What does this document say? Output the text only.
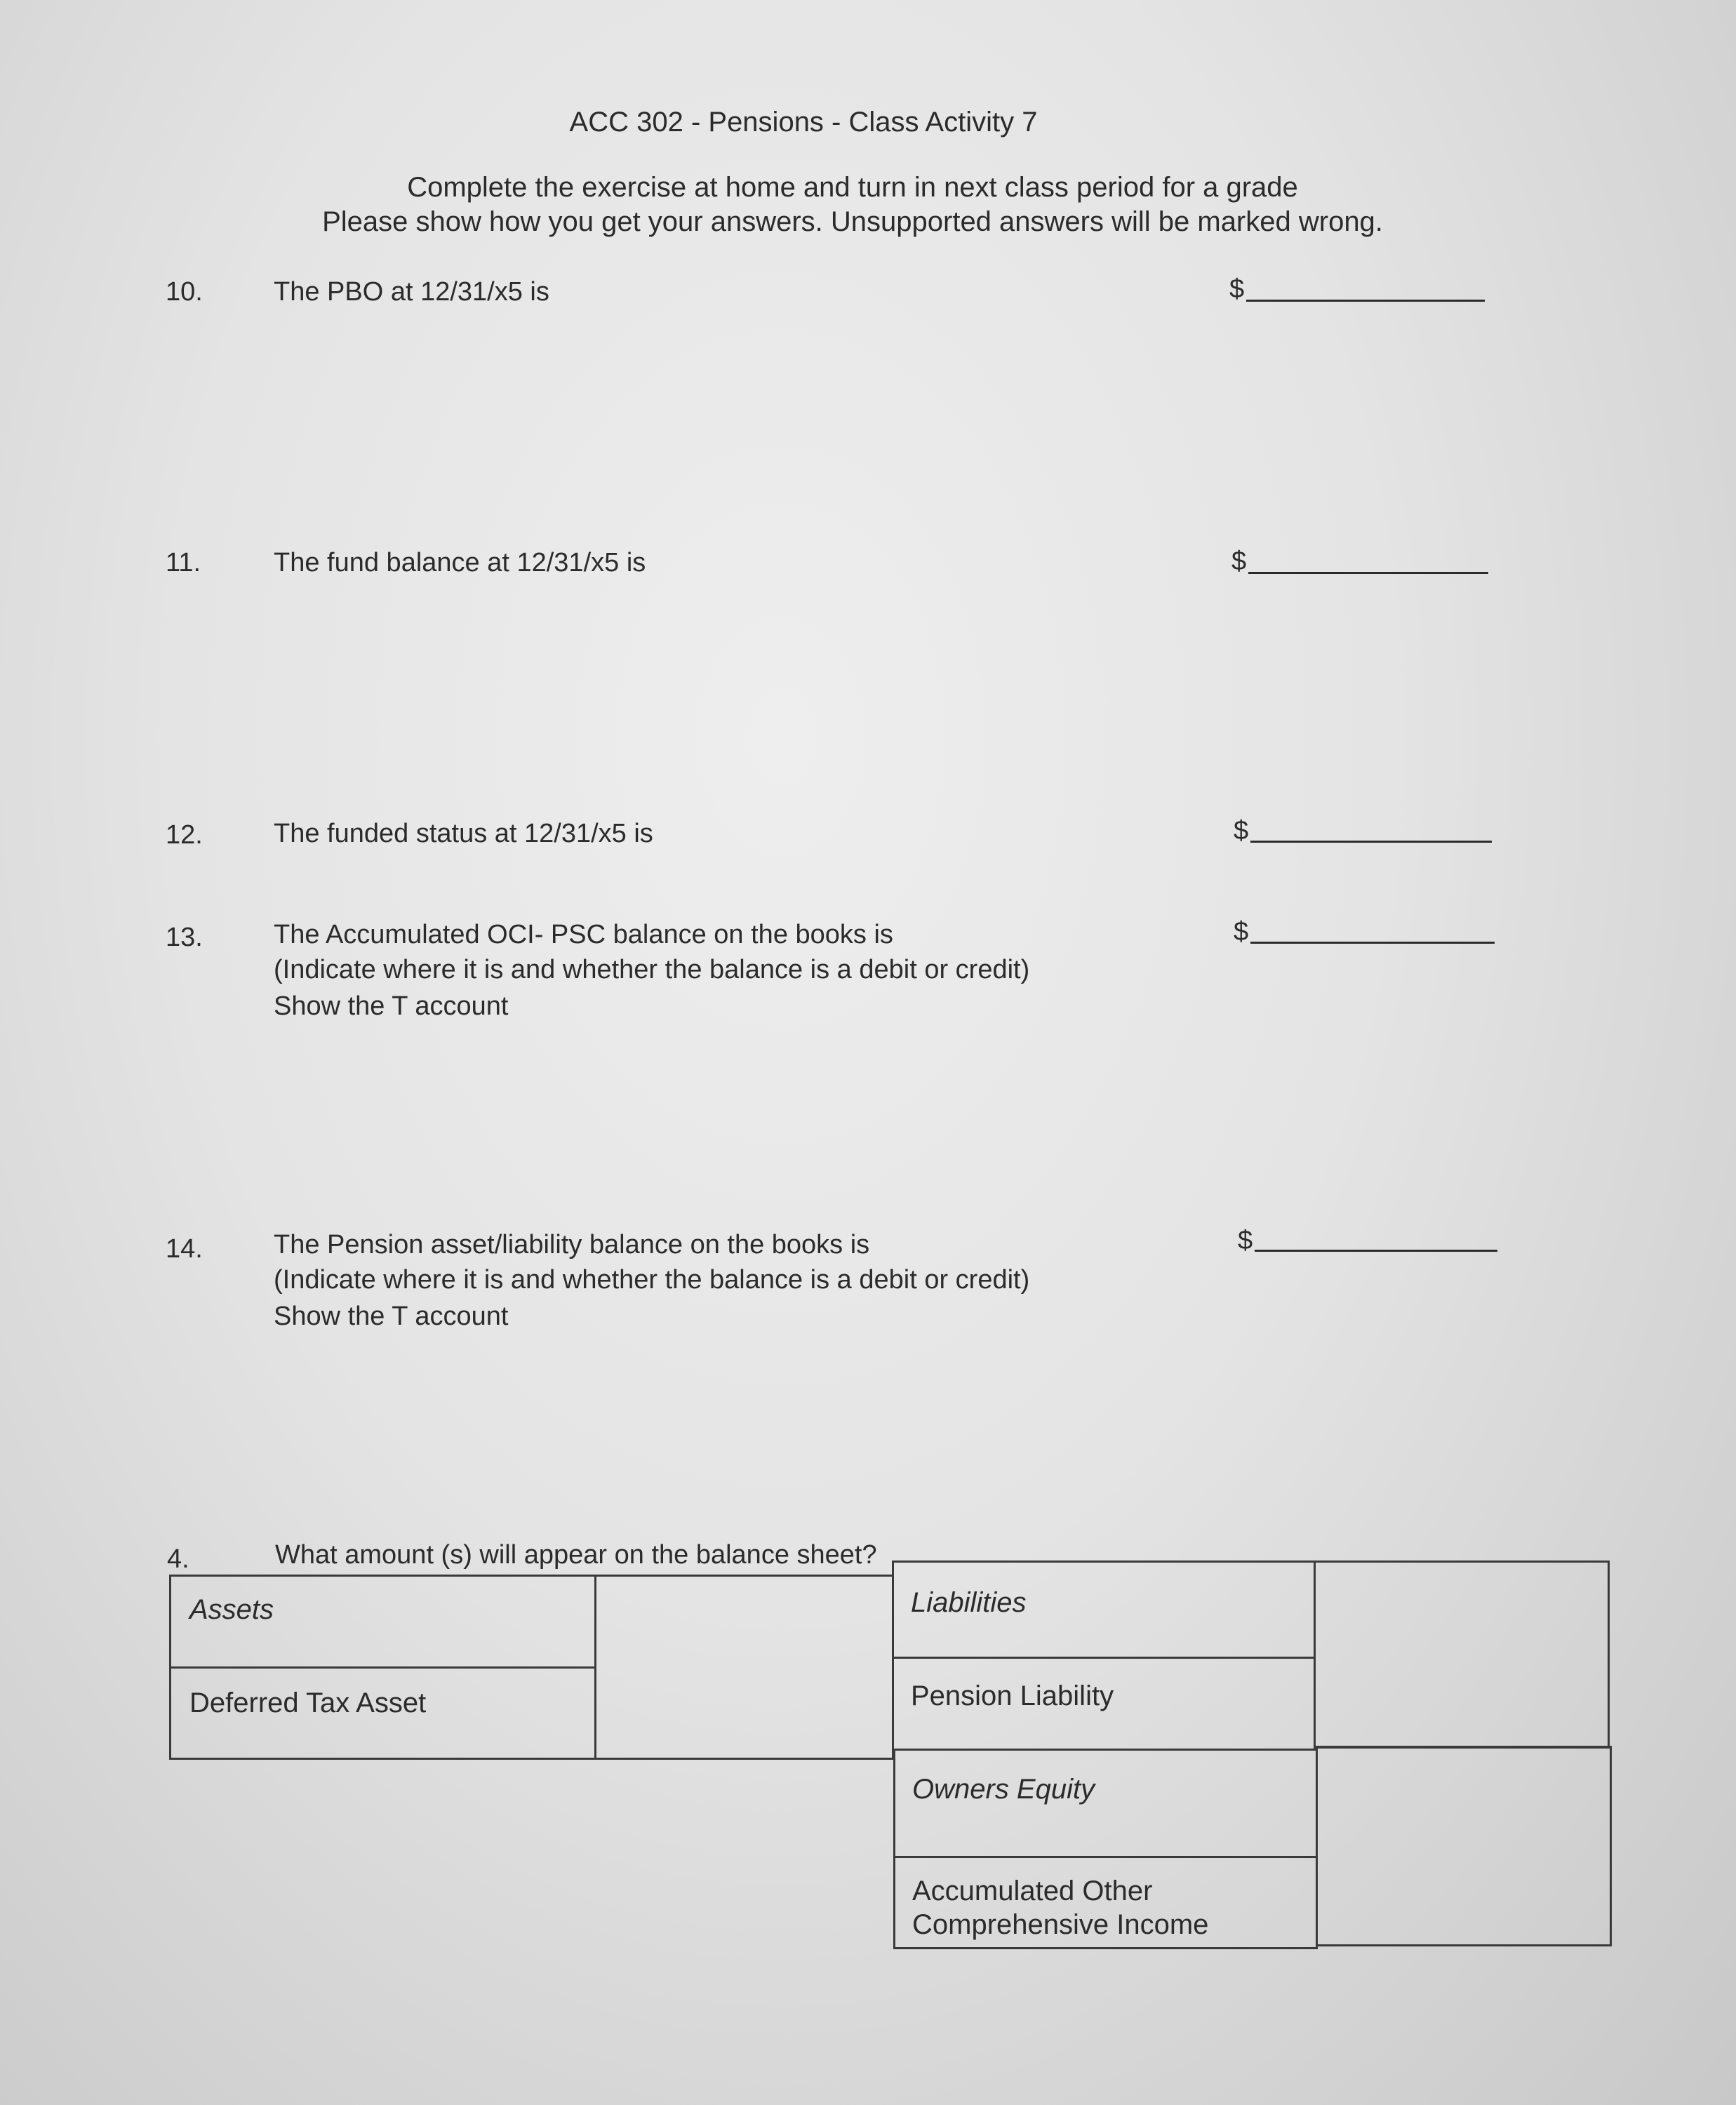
ACC 302 - Pensions - Class Activity 7
Complete the exercise at home and turn in next class period for a grade
Please show how you get your answers. Unsupported answers will be marked wrong.
10.	The PBO at 12/31/x5 is	$
11.	The fund balance at 12/31/x5 is	$
12.	The funded status at 12/31/x5 is	$
13.	The Accumulated OCI- PSC balance on the books is
(Indicate where it is and whether the balance is a debit or credit)
Show the T account
$
14.	The Pension asset/liability balance on the books is
(Indicate where it is and whether the balance is a debit or credit)
Show the T account
$
4.	What amount (s) will appear on the balance sheet?
Assets
Deferred Tax Asset
Liabilities
Pension Liability
Owners Equity
Accumulated Other
Comprehensive Income
